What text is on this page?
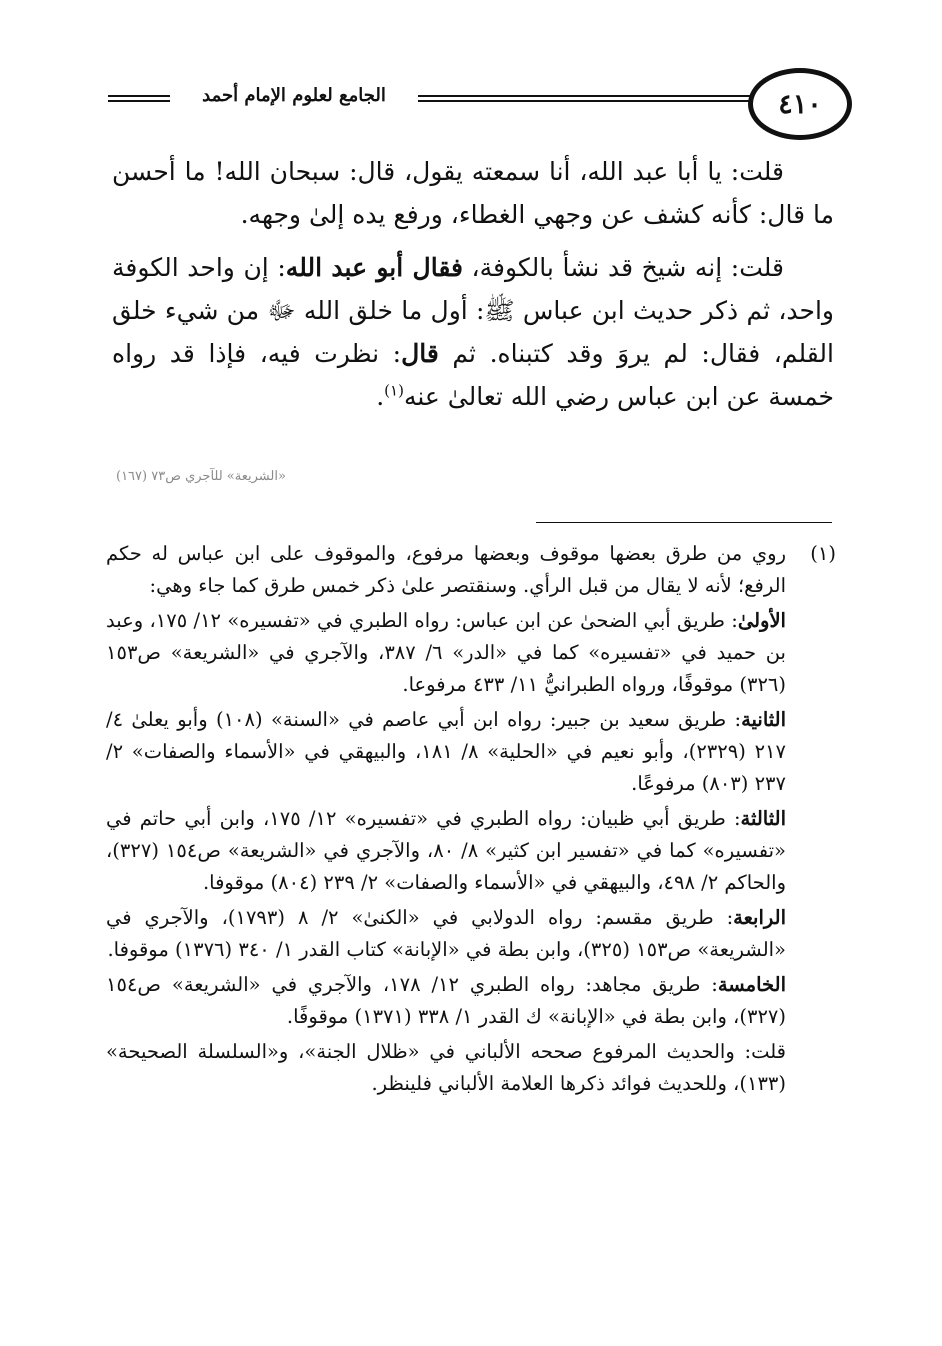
الجامع لعلوم الإمام أحمد	٤١٠

قلت: يا أبا عبد الله، أنا سمعته يقول، قال: سبحان الله! ما أحسن ما قال: كأنه كشف عن وجهي الغطاء، ورفع يده إلىٰ وجهه.

قلت: إنه شيخ قد نشأ بالكوفة، فقال أبو عبد الله: إن واحد الكوفة واحد، ثم ذكر حديث ابن عباس ﷺ: أول ما خلق الله ﷻ من شيء خلق القلم، فقال: لم يروَ وقد كتبناه. ثم قال: نظرت فيه، فإذا قد رواه خمسة عن ابن عباس رضي الله تعالىٰ عنه$^{(١)}$.

«الشريعة» للآجري ص٧٣ (١٦٧)

(١)
روي من طرق بعضها موقوف وبعضها مرفوع، والموقوف على ابن عباس له حكم الرفع؛ لأنه لا يقال من قبل الرأي. وسنقتصر علىٰ ذكر خمس طرق كما جاء وهي:

الأولىٰ: طريق أبي الضحىٰ عن ابن عباس: رواه الطبري في «تفسيره» ١٢/ ١٧٥، وعبد بن حميد في «تفسيره» كما في «الدر» ٦/ ٣٨٧، والآجري في «الشريعة» ص١٥٣ (٣٢٦) موقوفًا، ورواه الطبرانيُّ ١١/ ٤٣٣ مرفوعا.

الثانية: طريق سعيد بن جبير: رواه ابن أبي عاصم في «السنة» (١٠٨) وأبو يعلىٰ ٤/ ٢١٧ (٢٣٢٩)، وأبو نعيم في «الحلية» ٨/ ١٨١، والبيهقي في «الأسماء والصفات» ٢/ ٢٣٧ (٨٠٣) مرفوعًا.

الثالثة: طريق أبي ظبيان: رواه الطبري في «تفسيره» ١٢/ ١٧٥، وابن أبي حاتم في «تفسيره» كما في «تفسير ابن كثير» ٨/ ٨٠، والآجري في «الشريعة» ص١٥٤ (٣٢٧)، والحاكم ٢/ ٤٩٨، والبيهقي في «الأسماء والصفات» ٢/ ٢٣٩ (٨٠٤) موقوفا.

الرابعة: طريق مقسم: رواه الدولابي في «الكنىٰ» ٢/ ٨ (١٧٩٣)، والآجري في «الشريعة» ص١٥٣ (٣٢٥)، وابن بطة في «الإبانة» كتاب القدر ١/ ٣٤٠ (١٣٧٦) موقوفا.

الخامسة: طريق مجاهد: رواه الطبري ١٢/ ١٧٨، والآجري في «الشريعة» ص١٥٤ (٣٢٧)، وابن بطة في «الإبانة» ك القدر ١/ ٣٣٨ (١٣٧١) موقوفًا.

قلت: والحديث المرفوع صححه الألباني في «ظلال الجنة»، و«السلسلة الصحيحة» (١٣٣)، وللحديث فوائد ذكرها العلامة الألباني فلينظر.
